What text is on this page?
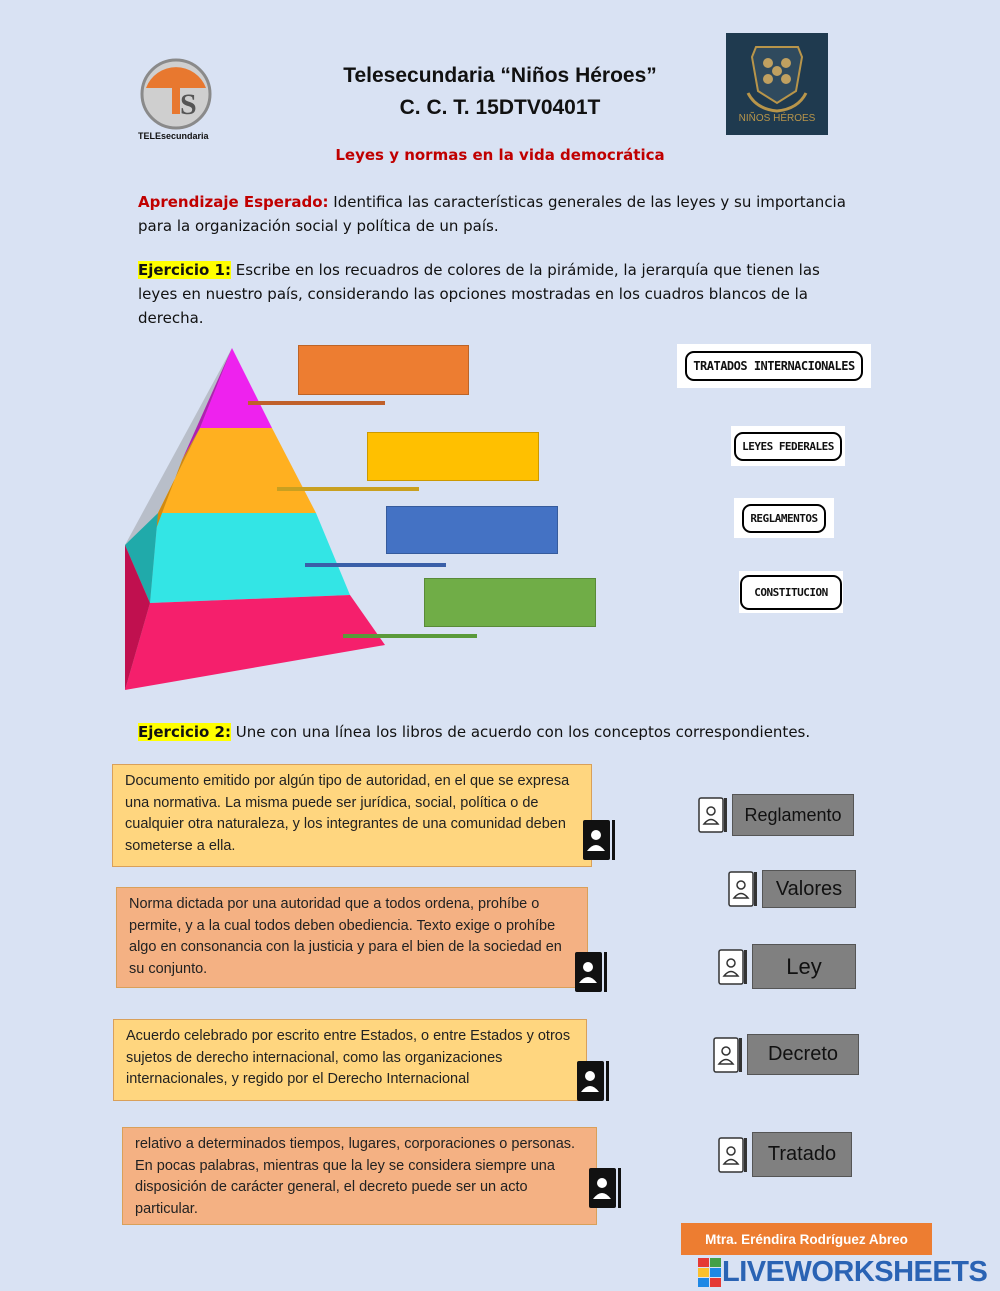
S
TELEsecundaria
Telesecundaria “Niños Héroes”
C. C. T. 15DTV0401T	NIÑOS HÉROES
Leyes y normas en la vida democrática
Aprendizaje Esperado: Identifica las características generales de las leyes y su importancia para la organización social y política de un país.
Ejercicio 1: Escribe en los recuadros de colores de la pirámide, la jerarquía que tienen las leyes en nuestro país, considerando las opciones mostradas en los cuadros blancos de la derecha.
TRATADOS INTERNACIONALES
LEYES FEDERALES
REGLAMENTOS
CONSTITUCION
Ejercicio 2: Une con una línea los libros de acuerdo con los conceptos correspondientes.
Documento emitido por algún tipo de autoridad, en el que se expresa una normativa. La misma puede ser jurídica, social, política o de cualquier otra naturaleza, y los integrantes de una comunidad deben someterse a ella.
Norma dictada por una autoridad que a todos ordena, prohíbe o permite, y a la cual todos deben obediencia. Texto exige o prohíbe algo en consonancia con la justicia y para el bien de la sociedad en su conjunto.
Acuerdo celebrado por escrito entre Estados, o entre Estados y otros sujetos de derecho internacional, como las organizaciones internacionales, y regido por el Derecho Internacional
relativo a determinados tiempos, lugares, corporaciones o personas. En pocas palabras, mientras que la ley se considera siempre una disposición de carácter general, el decreto puede ser un acto particular.
Reglamento
Valores
Ley
Decreto
Tratado
Mtra. Eréndira Rodríguez Abreo
LIVEWORKSHEETS
